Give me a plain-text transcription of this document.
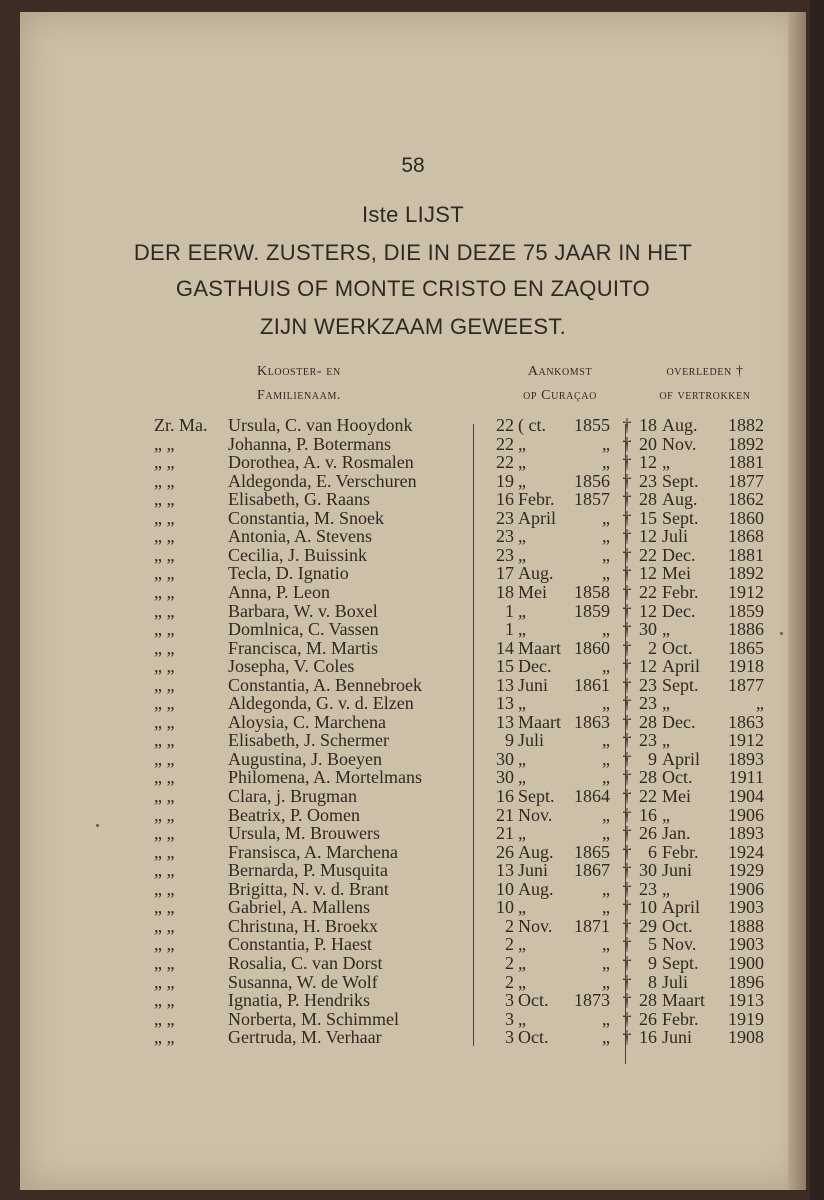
58
Iste LIJST
DER EERW. ZUSTERS, DIE IN DEZE 75 JAAR IN HET
GASTHUIS OF MONTE CRISTO EN ZAQUITO
ZIJN WERKZAAM GEWEEST.
Klooster- en
Familienaam.
Aankomst
op Curaçao
overleden †
of vertrokken
Zr. Ma.	Ursula, C. van Hooydonk	22 ( ct.	1855 † 18 Aug.	1882
„ „	Johanna, P. Botermans	22 „	„ † 20 Nov.	1892
„ „	Dorothea, A. v. Rosmalen	22 „	„ † 12 „	1881
„ „	Aldegonda, E. Verschuren	19 „	1856 † 23 Sept.	1877
„ „	Elisabeth, G. Raans	16 Febr.	1857 † 28 Aug.	1862
„ „	Constantia, M. Snoek	23 April	„ † 15 Sept.	1860
„ „	Antonia, A. Stevens	23 „	„ † 12 Juli	1868
„ „	Cecilia, J. Buissink	23 „	„ † 22 Dec.	1881
„ „	Tecla, D. Ignatio	17 Aug.	„ † 12 Mei	1892
„ „	Anna, P. Leon	18 Mei	1858 † 22 Febr.	1912
„ „	Barbara, W. v. Boxel	1 „	1859 † 12 Dec.	1859
„ „	Domlnica, C. Vassen	1 „	„ † 30 „	1886
„ „	Francisca, M. Martis	14 Maart 1860 † 2 Oct.	1865
„ „	Josepha, V. Coles	15 Dec.	„ † 12 April	1918
„ „	Constantia, A. Bennebroek	13 Juni	1861 † 23 Sept.	1877
„ „	Aldegonda, G. v. d. Elzen	13 „	„ † 23 „	„
„ „	Aloysia, C. Marchena	13 Maart 1863 † 28 Dec.	1863
„ „	Elisabeth, J. Schermer	9 Juli	„ † 23 „	1912
„ „	Augustina, J. Boeyen	30 „	„ † 9 April	1893
„ „	Philomena, A. Mortelmans	30 „	„ † 28 Oct.	1911
„ „	Clara, j. Brugman	16 Sept.	1864 † 22 Mei	1904
„ „	Beatrix, P. Oomen	21 Nov.	„ † 16 „	1906
„ „	Ursula, M. Brouwers	21 „	„ † 26 Jan.	1893
„ „	Fransisca, A. Marchena	26 Aug.	1865 † 6 Febr.	1924
„ „	Bernarda, P. Musquita	13 Juni	1867 † 30 Juni	1929
„ „	Brigitta, N. v. d. Brant	10 Aug.	„ † 23 „	1906
„ „	Gabriel, A. Mallens	10 „	„ † 10 April	1903
„ „	Christına, H. Broekx	2 Nov.	1871 † 29 Oct.	1888
„ „	Constantia, P. Haest	2 „	„ † 5 Nov.	1903
„ „	Rosalia, C. van Dorst	2 „	„ † 9 Sept.	1900
„ „	Susanna, W. de Wolf	2 „	„ † 8 Juli	1896
„ „	Ignatia, P. Hendriks	3 Oct.	1873 † 28 Maart	1913
„ „	Norberta, M. Schimmel	3 „	„ † 26 Febr.	1919
„ „	Gertruda, M. Verhaar	3 Oct.	„ † 16 Juni	1908
